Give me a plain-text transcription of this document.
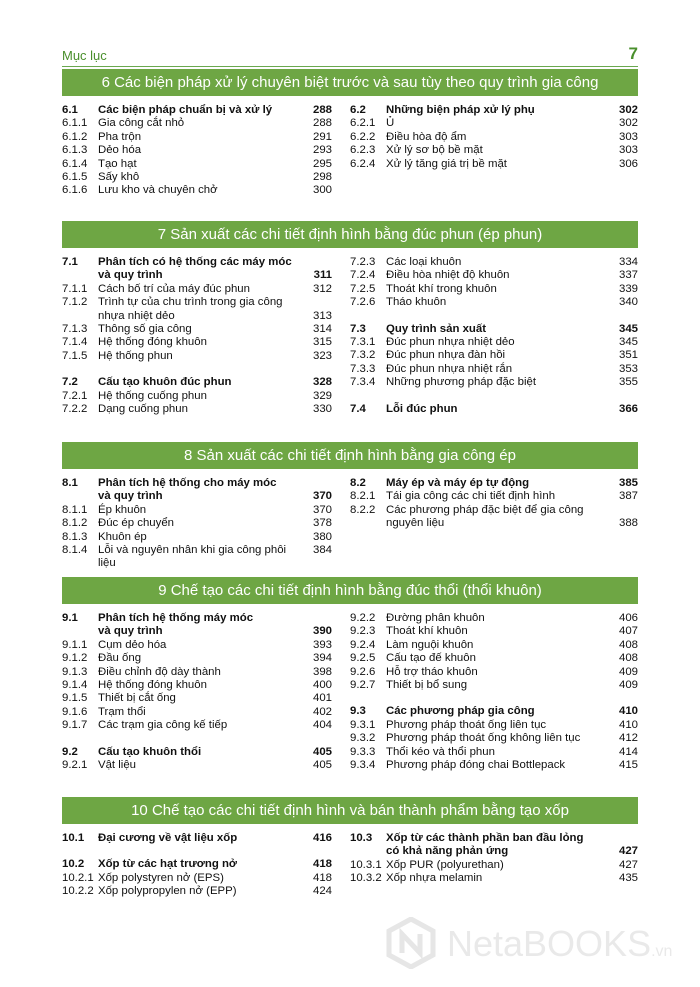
Mục lục	7
6 Các biện pháp xử lý chuyên biệt trước và sau tùy theo quy trình gia công
6.1	Các biện pháp chuẩn bị và xử lý	288
6.1.1 Gia công cắt nhỏ	288
6.1.2 Pha trộn	291
6.1.3 Dẻo hóa	293
6.1.4 Tạo hạt	295
6.1.5 Sấy khô	298
6.1.6 Lưu kho và chuyên chở	300
6.2	Những biện pháp xử lý phụ	302
6.2.1 Ủ	302
6.2.2 Điều hòa độ ẩm	303
6.2.3 Xử lý sơ bộ bề mặt	303
6.2.4 Xử lý tăng giá trị bề mặt	306
7 Sản xuất các chi tiết định hình bằng đúc phun (ép phun)
7.1	Phân tích có hệ thống các máy móc
và quy trình	311
7.1.1 Cách bố trí của máy đúc phun	312
7.1.2 Trình tự của chu trình trong gia công
nhựa nhiệt dẻo	313
7.1.3 Thông số gia công	314
7.1.4 Hệ thống đóng khuôn	315
7.1.5 Hệ thống phun	323
7.2	Cấu tạo khuôn đúc phun	328
7.2.1 Hệ thống cuống phun	329
7.2.2 Dạng cuống phun	330
7.2.3 Các loại khuôn	334
7.2.4 Điều hòa nhiệt độ khuôn	337
7.2.5 Thoát khí trong khuôn	339
7.2.6 Tháo khuôn	340
7.3	Quy trình sản xuất	345
7.3.1 Đúc phun nhựa nhiệt dẻo	345
7.3.2 Đúc phun nhựa đàn hồi	351
7.3.3 Đúc phun nhựa nhiệt rắn	353
7.3.4 Những phương pháp đặc biệt	355
7.4	Lỗi đúc phun	366
8 Sản xuất các chi tiết định hình bằng gia công ép
8.1	Phân tích hệ thống cho máy móc
và quy trình	370
8.1.1 Ép khuôn	370
8.1.2 Đúc ép chuyển	378
8.1.3 Khuôn ép	380
8.1.4 Lỗi và nguyên nhân khi gia công phôi liệu
384
8.2	Máy ép và máy ép tự động	385
8.2.1 Tái gia công các chi tiết định hình	387
8.2.2 Các phương pháp đặc biệt để gia công
nguyên liệu	388
9 Chế tạo các chi tiết định hình bằng đúc thổi (thổi khuôn)
9.1	Phân tích hệ thống máy móc
và quy trình	390
9.1.1 Cụm dẻo hóa	393
9.1.2 Đầu ống	394
9.1.3 Điều chỉnh độ dày thành	398
9.1.4 Hệ thống đóng khuôn	400
9.1.5 Thiết bị cắt ống	401
9.1.6 Trạm thổi	402
9.1.7 Các trạm gia công kế tiếp	404
9.2	Cấu tạo khuôn thổi	405
9.2.1 Vật liệu	405
9.2.2 Đường phân khuôn	406
9.2.3 Thoát khí khuôn	407
9.2.4 Làm nguội khuôn	408
9.2.5 Cấu tạo đế khuôn	408
9.2.6 Hỗ trợ tháo khuôn	409
9.2.7 Thiết bị bổ sung	409
9.3	Các phương pháp gia công	410
9.3.1 Phương pháp thoát ống liên tục	410
9.3.2 Phương pháp thoát ống không liên tục	412
9.3.3 Thổi kéo và thổi phun	414
9.3.4 Phương pháp đóng chai Bottlepack	415
10 Chế tạo các chi tiết định hình và bán thành phẩm bằng tạo xốp
10.1	Đại cương về vật liệu xốp	416
10.2	Xốp từ các hạt trương nở	418
10.2.1 Xốp polystyren nở (EPS)	418
10.2.2 Xốp polypropylen nở (EPP)	424
10.3	Xốp từ các thành phần ban đầu lỏng
có khả năng phản ứng	427
10.3.1 Xốp PUR (polyurethan)	427
10.3.2 Xốp nhựa melamin	435
NetaBOOKS.vn
